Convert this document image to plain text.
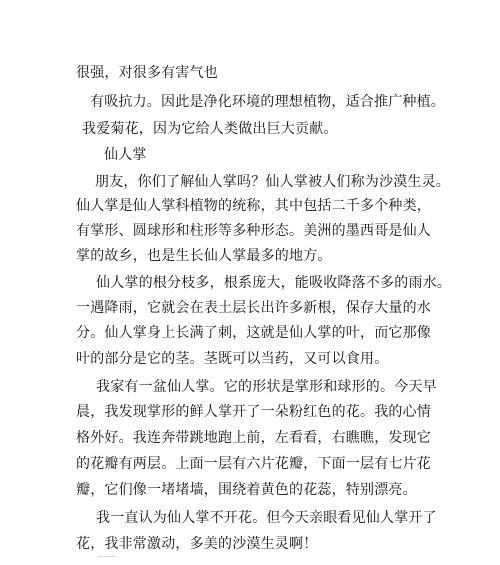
很强，对很多有害气也
有吸抗力。因此是净化环境的理想植物，适合推广种植。
我爱菊花，因为它给人类做出巨大贡献。
仙人掌
朋友，你们了解仙人掌吗？仙人掌被人们称为沙漠生灵。
仙人掌是仙人掌科植物的统称，其中包括二千多个种类，
有掌形、圆球形和柱形等多种形态。美洲的墨西哥是仙人
掌的故乡，也是生长仙人掌最多的地方。
仙人掌的根分枝多，根系庞大，能吸收降落不多的雨水。
一遇降雨，它就会在表土层长出许多新根，保存大量的水
分。仙人掌身上长满了刺，这就是仙人掌的叶，而它那像
叶的部分是它的茎。茎既可以当药，又可以食用。
我家有一盆仙人掌。它的形状是掌形和球形的。今天早
晨，我发现掌形的鲜人掌开了一朵粉红色的花。我的心情
格外好。我连奔带跳地跑上前，左看看，右瞧瞧，发现它
的花瓣有两层。上面一层有六片花瓣，下面一层有七片花
瓣，它们像一堵堵墙，围绕着黄色的花蕊，特别漂亮。
我一直认为仙人掌不开花。但今天亲眼看见仙人掌开了
花，我非常激动，多美的沙漠生灵啊！
